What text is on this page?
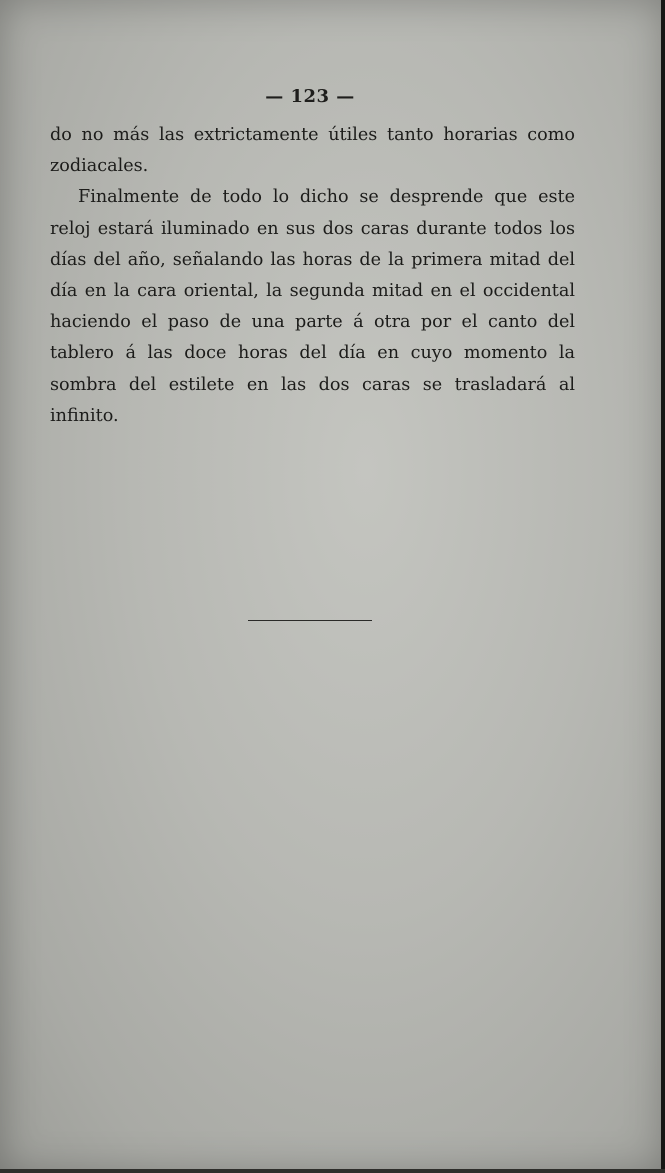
— 123 —

do no más las extrictamente útiles tanto horarias como zodiacales.

Finalmente de todo lo dicho se desprende que este reloj estará iluminado en sus dos caras durante todos los días del año, señalando las horas de la primera mitad del día en la cara oriental, la segunda mitad en el occidental haciendo el paso de una parte á otra por el canto del tablero á las doce horas del día en cuyo momento la sombra del estilete en las dos caras se trasladará al infinito.
